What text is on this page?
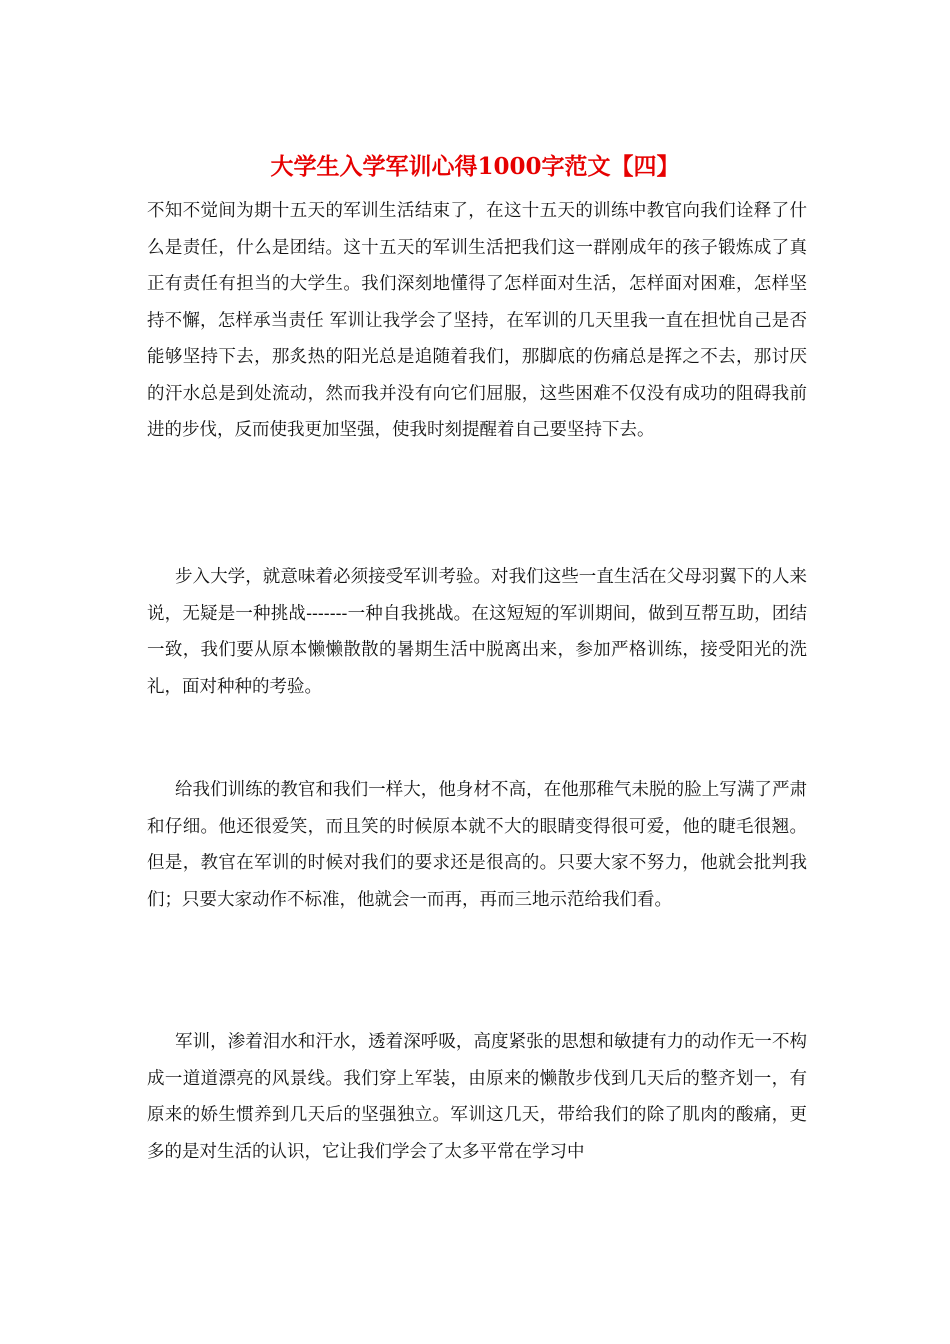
大学生入学军训心得1000字范文【四】

不知不觉间为期十五天的军训生活结束了，在这十五天的训练中教官向我们诠释了什么是责任，什么是团结。这十五天的军训生活把我们这一群刚成年的孩子锻炼成了真正有责任有担当的大学生。我们深刻地懂得了怎样面对生活，怎样面对困难，怎样坚持不懈，怎样承当责任 军训让我学会了坚持，在军训的几天里我一直在担忧自己是否能够坚持下去，那炙热的阳光总是追随着我们，那脚底的伤痛总是挥之不去，那讨厌的汗水总是到处流动，然而我并没有向它们屈服，这些困难不仅没有成功的阻碍我前进的步伐，反而使我更加坚强，使我时刻提醒着自己要坚持下去。

步入大学，就意味着必须接受军训考验。对我们这些一直生活在父母羽翼下的人来说，无疑是一种挑战-------一种自我挑战。在这短短的军训期间，做到互帮互助，团结一致，我们要从原本懒懒散散的暑期生活中脱离出来，参加严格训练，接受阳光的洗礼，面对种种的考验。

给我们训练的教官和我们一样大，他身材不高，在他那稚气未脱的脸上写满了严肃和仔细。他还很爱笑，而且笑的时候原本就不大的眼睛变得很可爱，他的睫毛很翘。但是，教官在军训的时候对我们的要求还是很高的。只要大家不努力，他就会批判我们；只要大家动作不标准，他就会一而再，再而三地示范给我们看。

军训，渗着泪水和汗水，透着深呼吸，高度紧张的思想和敏捷有力的动作无一不构成一道道漂亮的风景线。我们穿上军装，由原来的懒散步伐到几天后的整齐划一，有原来的娇生惯养到几天后的坚强独立。军训这几天，带给我们的除了肌肉的酸痛，更多的是对生活的认识，它让我们学会了太多平常在学习中
